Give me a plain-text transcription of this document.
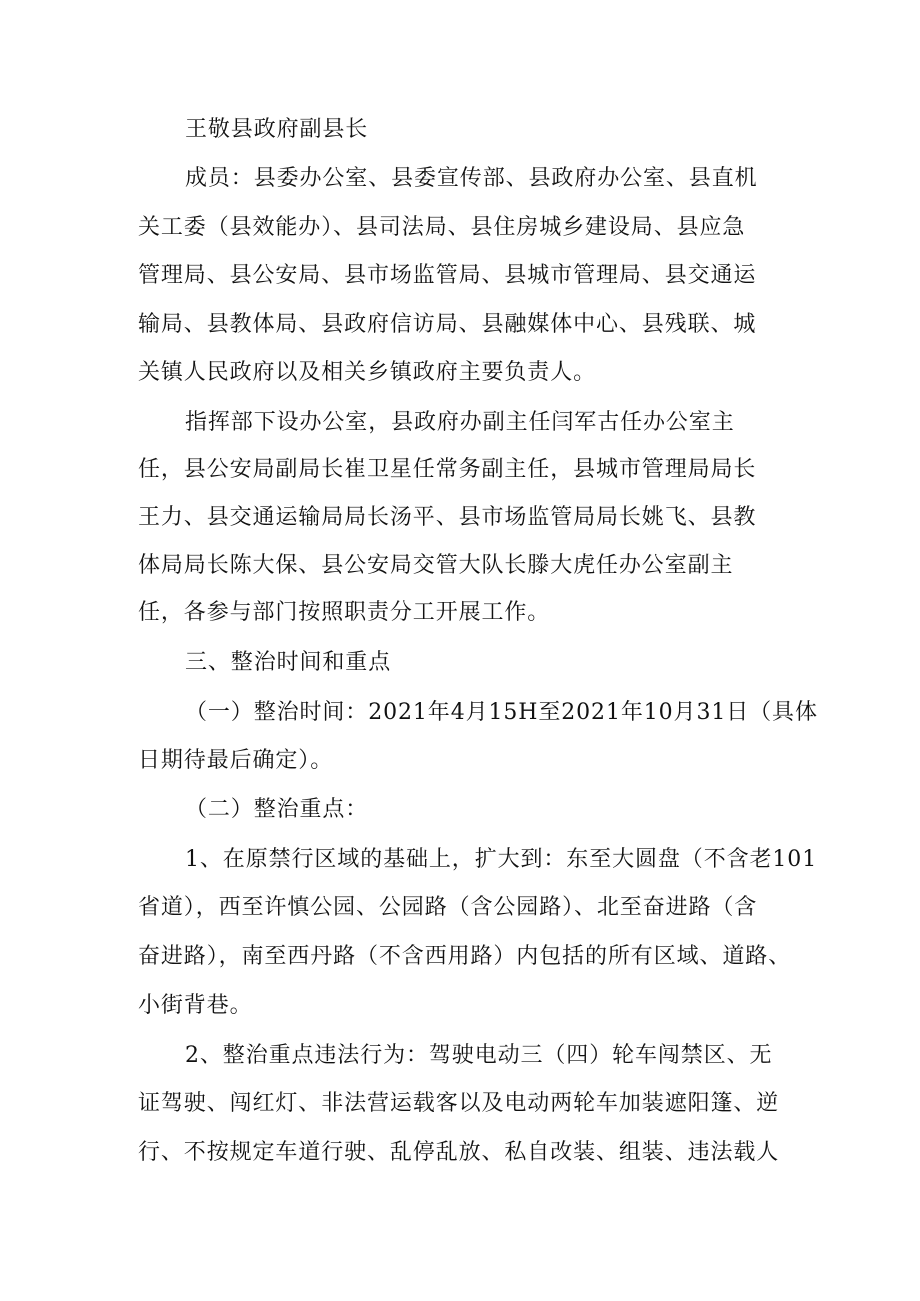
王敬县政府副县长
成员：县委办公室、县委宣传部、县政府办公室、县直机
关工委（县效能办）、县司法局、县住房城乡建设局、县应急
管理局、县公安局、县市场监管局、县城市管理局、县交通运
输局、县教体局、县政府信访局、县融媒体中心、县残联、城
关镇人民政府以及相关乡镇政府主要负责人。
指挥部下设办公室，县政府办副主任闫军古任办公室主
任，县公安局副局长崔卫星任常务副主任，县城市管理局局长
王力、县交通运输局局长汤平、县市场监管局局长姚飞、县教
体局局长陈大保、县公安局交管大队长滕大虎任办公室副主
任，各参与部门按照职责分工开展工作。
三、整治时间和重点
（一）整治时间：2021年4月15H至2021年10月31日（具体
日期待最后确定）。
（二）整治重点：
1、在原禁行区域的基础上，扩大到：东至大圆盘（不含老101
省道），西至许慎公园、公园路（含公园路）、北至奋进路（含
奋进路），南至西丹路（不含西用路）内包括的所有区域、道路、
小街背巷。
2、整治重点违法行为：驾驶电动三（四）轮车闯禁区、无
证驾驶、闯红灯、非法营运载客以及电动两轮车加装遮阳篷、逆
行、不按规定车道行驶、乱停乱放、私自改装、组装、违法载人
